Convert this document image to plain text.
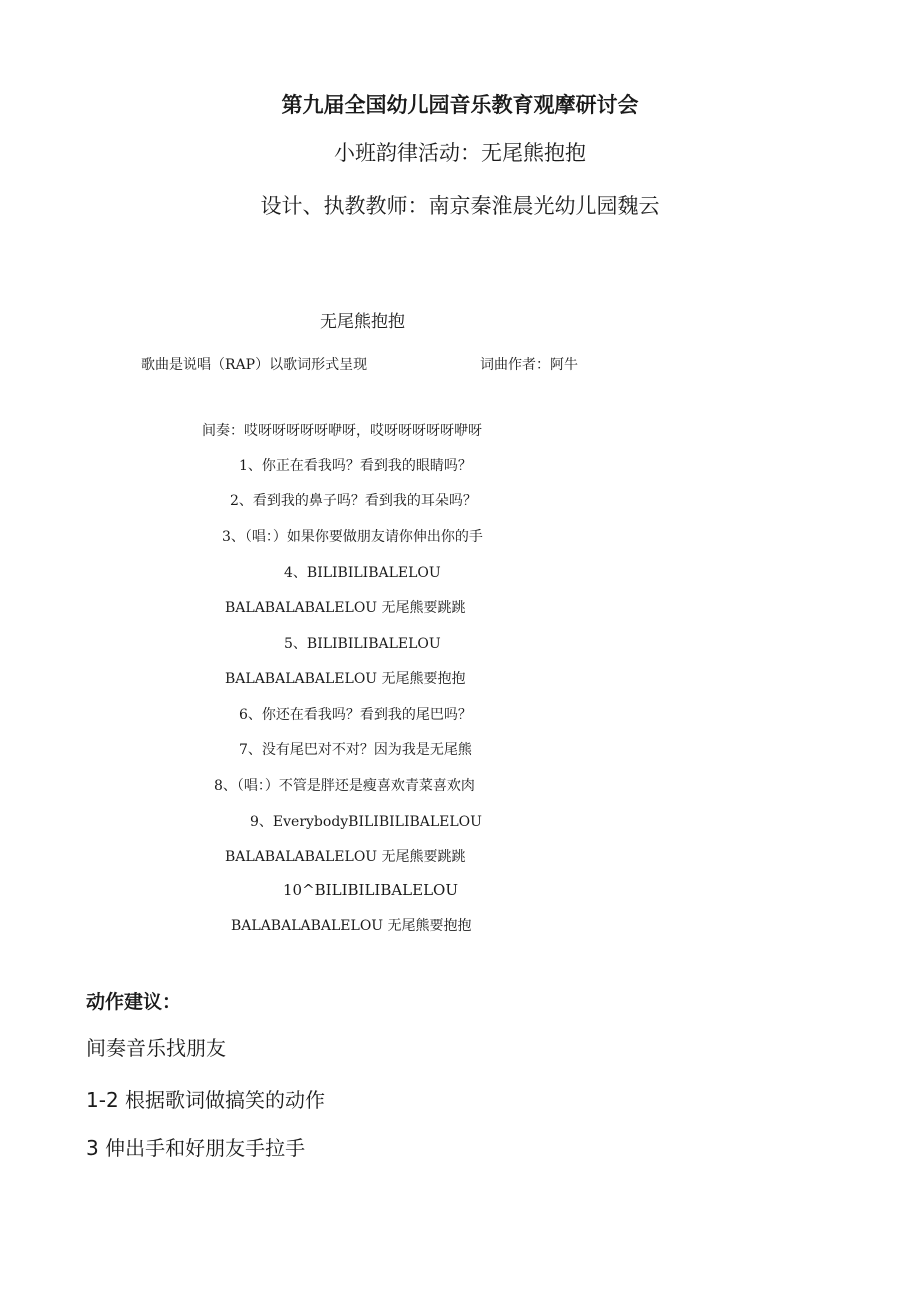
第九届全国幼儿园音乐教育观摩研讨会
小班韵律活动：无尾熊抱抱
设计、执教教师：南京秦淮晨光幼儿园魏云
无尾熊抱抱
歌曲是说唱（RAP）以歌词形式呈现	词曲作者：阿牛
间奏：哎呀呀呀呀呀咿呀，哎呀呀呀呀呀咿呀
1、你正在看我吗？看到我的眼睛吗？
2、看到我的鼻子吗？看到我的耳朵吗？
3、（唱：）如果你要做朋友请你伸出你的手
4、BILIBILIBALELOU
BALABALABALELOU 无尾熊要跳跳
5、BILIBILIBALELOU
BALABALABALELOU 无尾熊要抱抱
6、你还在看我吗？看到我的尾巴吗？
7、没有尾巴对不对？因为我是无尾熊
8、（唱：）不管是胖还是瘦喜欢青菜喜欢肉
9、EverybodyBILIBILIBALELOU
BALABALABALELOU 无尾熊要跳跳
10^BILIBILIBALELOU
BALABALABALELOU 无尾熊要抱抱
动作建议：
间奏音乐找朋友
1-2 根据歌词做搞笑的动作
3 伸出手和好朋友手拉手
